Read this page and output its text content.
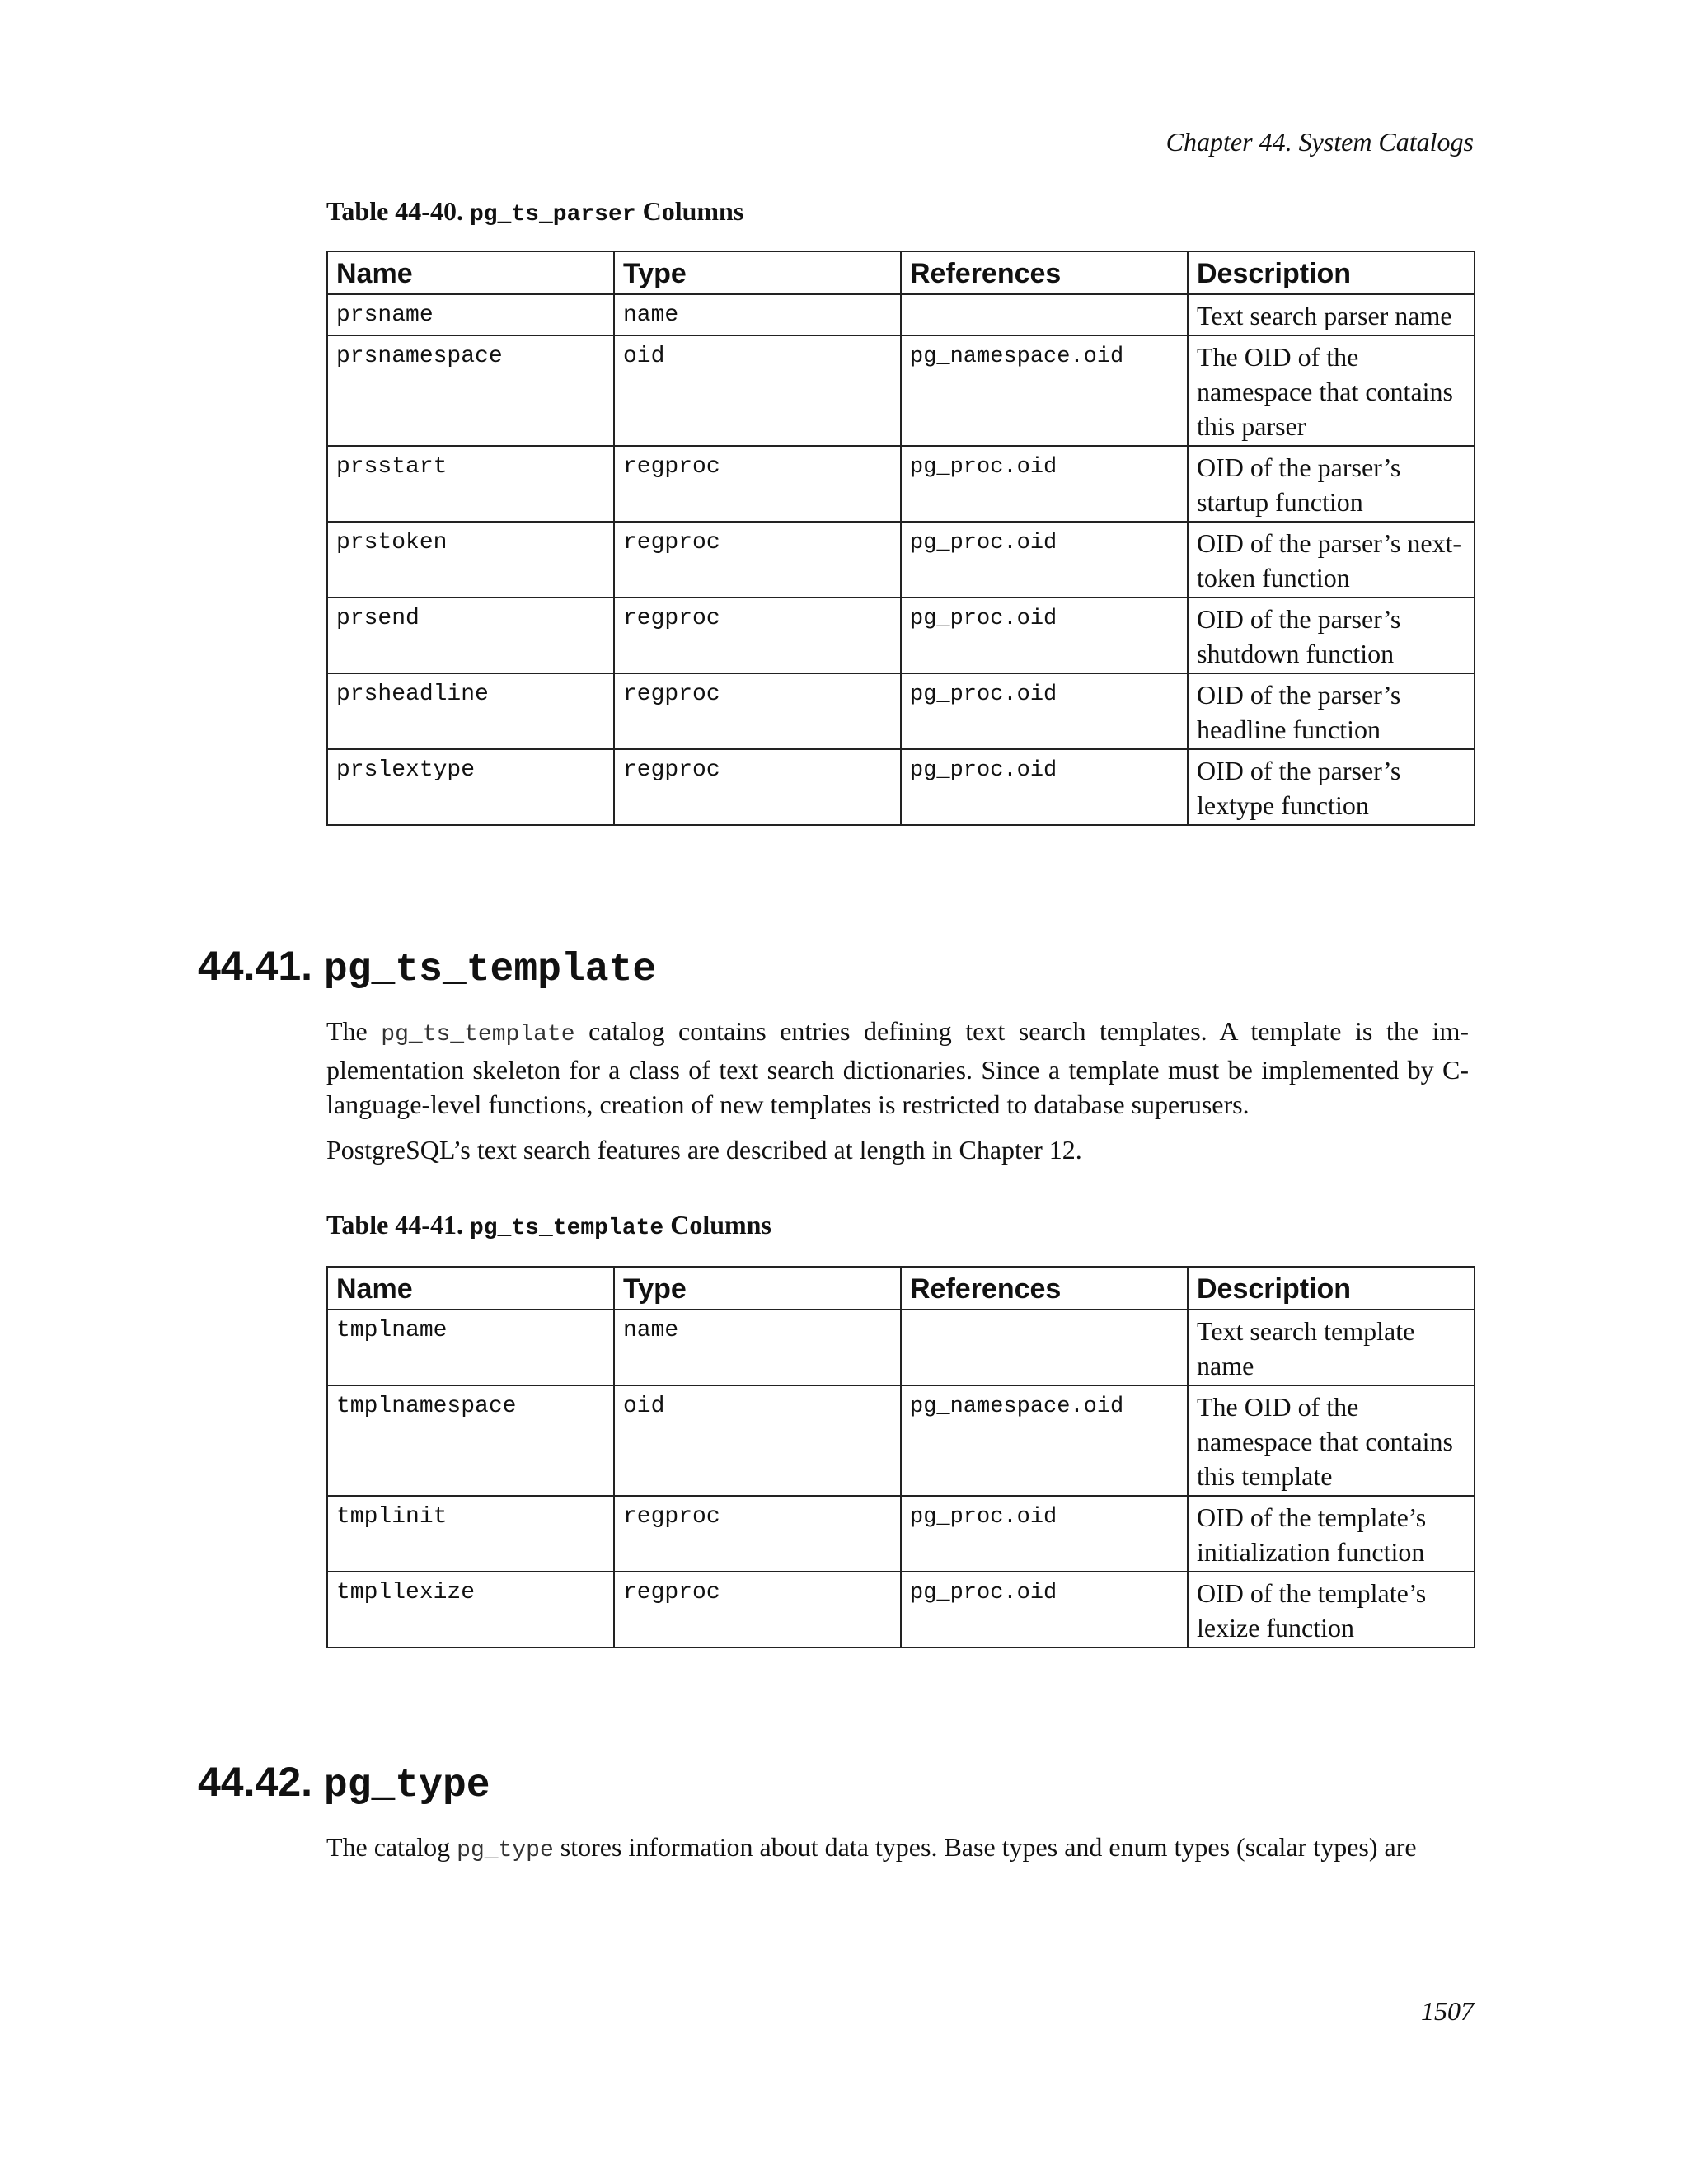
Chapter 44. System Catalogs
Table 44-40. pg_ts_parser Columns
Name	Type	References	Description
prsname	name		Text search parser name
prsnamespace	oid	pg_namespace.oid	The OID of the namespace that contains this parser
prsstart	regproc	pg_proc.oid	OID of the parser’s startup function
prstoken	regproc	pg_proc.oid	OID of the parser’s next-token function
prsend	regproc	pg_proc.oid	OID of the parser’s shutdown function
prsheadline	regproc	pg_proc.oid	OID of the parser’s headline function
prslextype	regproc	pg_proc.oid	OID of the parser’s lextype function
44.41. pg_ts_template
The pg_ts_template catalog contains entries defining text search templates. A template is the im- plementation skeleton for a class of text search dictionaries. Since a template must be implemented by C-language-level functions, creation of new templates is restricted to database superusers.
PostgreSQL’s text search features are described at length in Chapter 12.
Table 44-41. pg_ts_template Columns
Name	Type	References	Description
tmplname	name		Text search template name
tmplnamespace	oid	pg_namespace.oid	The OID of the namespace that contains this template
tmplinit	regproc	pg_proc.oid	OID of the template’s initialization function
tmpllexize	regproc	pg_proc.oid	OID of the template’s lexize function
44.42. pg_type
The catalog pg_type stores information about data types. Base types and enum types (scalar types) are
1507
